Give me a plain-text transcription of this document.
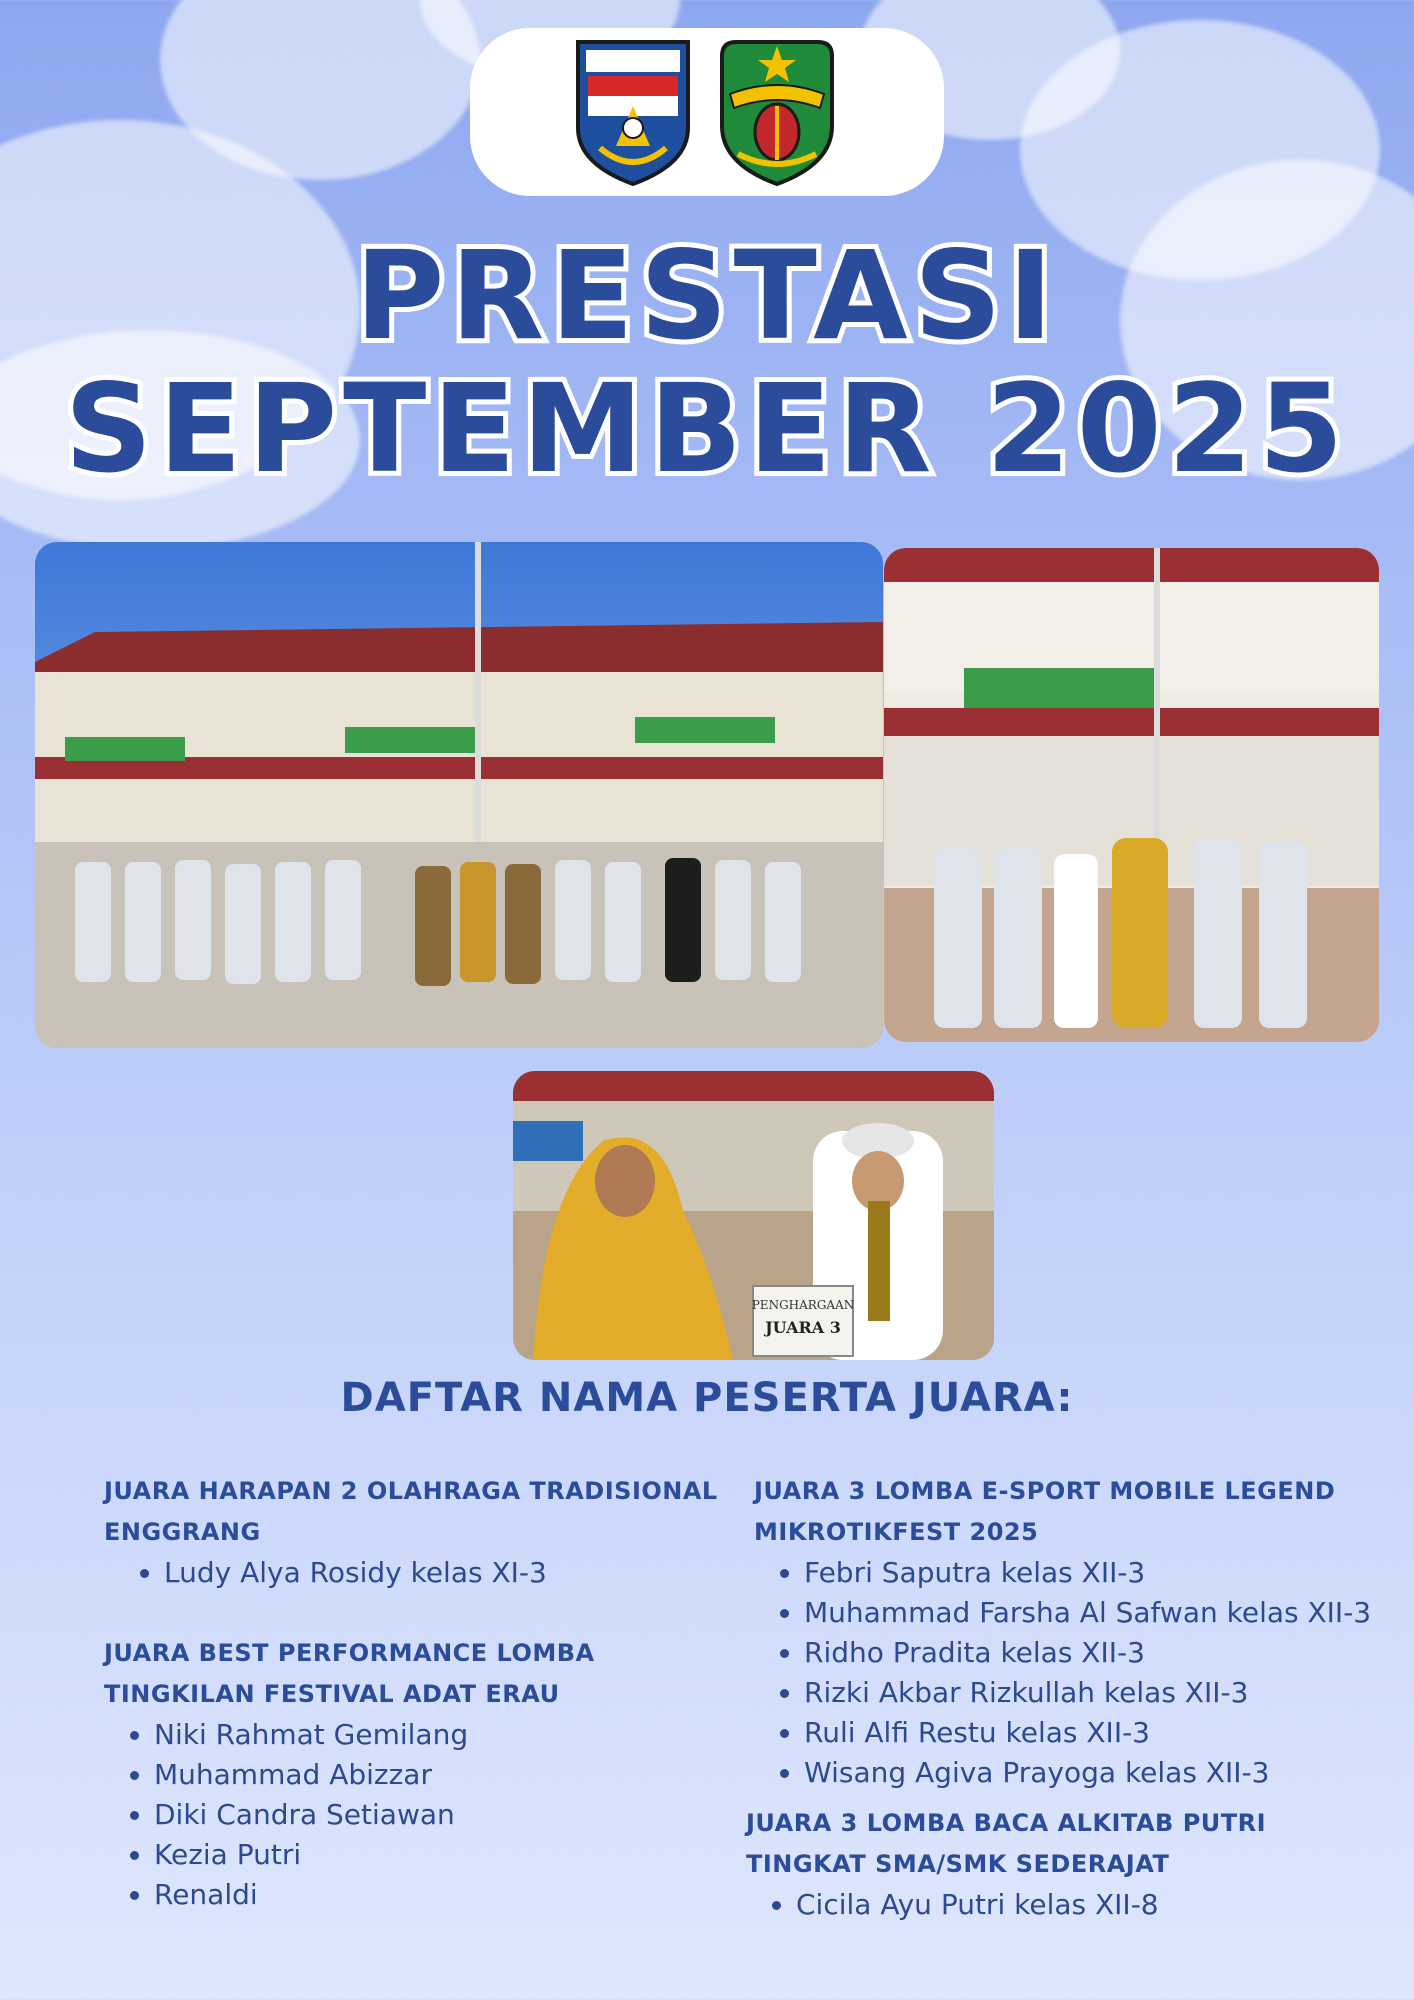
PRESTASI
SEPTEMBER 2025
PENGHARGAAN
JUARA 3
DAFTAR NAMA PESERTA JUARA:
JUARA HARAPAN 2 OLAHRAGA TRADISIONAL ENGGRANG
• Ludy Alya Rosidy kelas XI-3
JUARA BEST PERFORMANCE LOMBA TINGKILAN FESTIVAL ADAT ERAU
• Niki Rahmat Gemilang
• Muhammad Abizzar
• Diki Candra Setiawan
• Kezia Putri
• Renaldi
JUARA 3 LOMBA E-SPORT MOBILE LEGEND MIKROTIKFEST 2025
• Febri Saputra kelas XII-3
• Muhammad Farsha Al Safwan kelas XII-3
• Ridho Pradita kelas XII-3
• Rizki Akbar Rizkullah kelas XII-3
• Ruli Alfi Restu kelas XII-3
• Wisang Agiva Prayoga kelas XII-3
JUARA 3 LOMBA BACA ALKITAB PUTRI TINGKAT SMA/SMK SEDERAJAT
• Cicila Ayu Putri kelas XII-8
